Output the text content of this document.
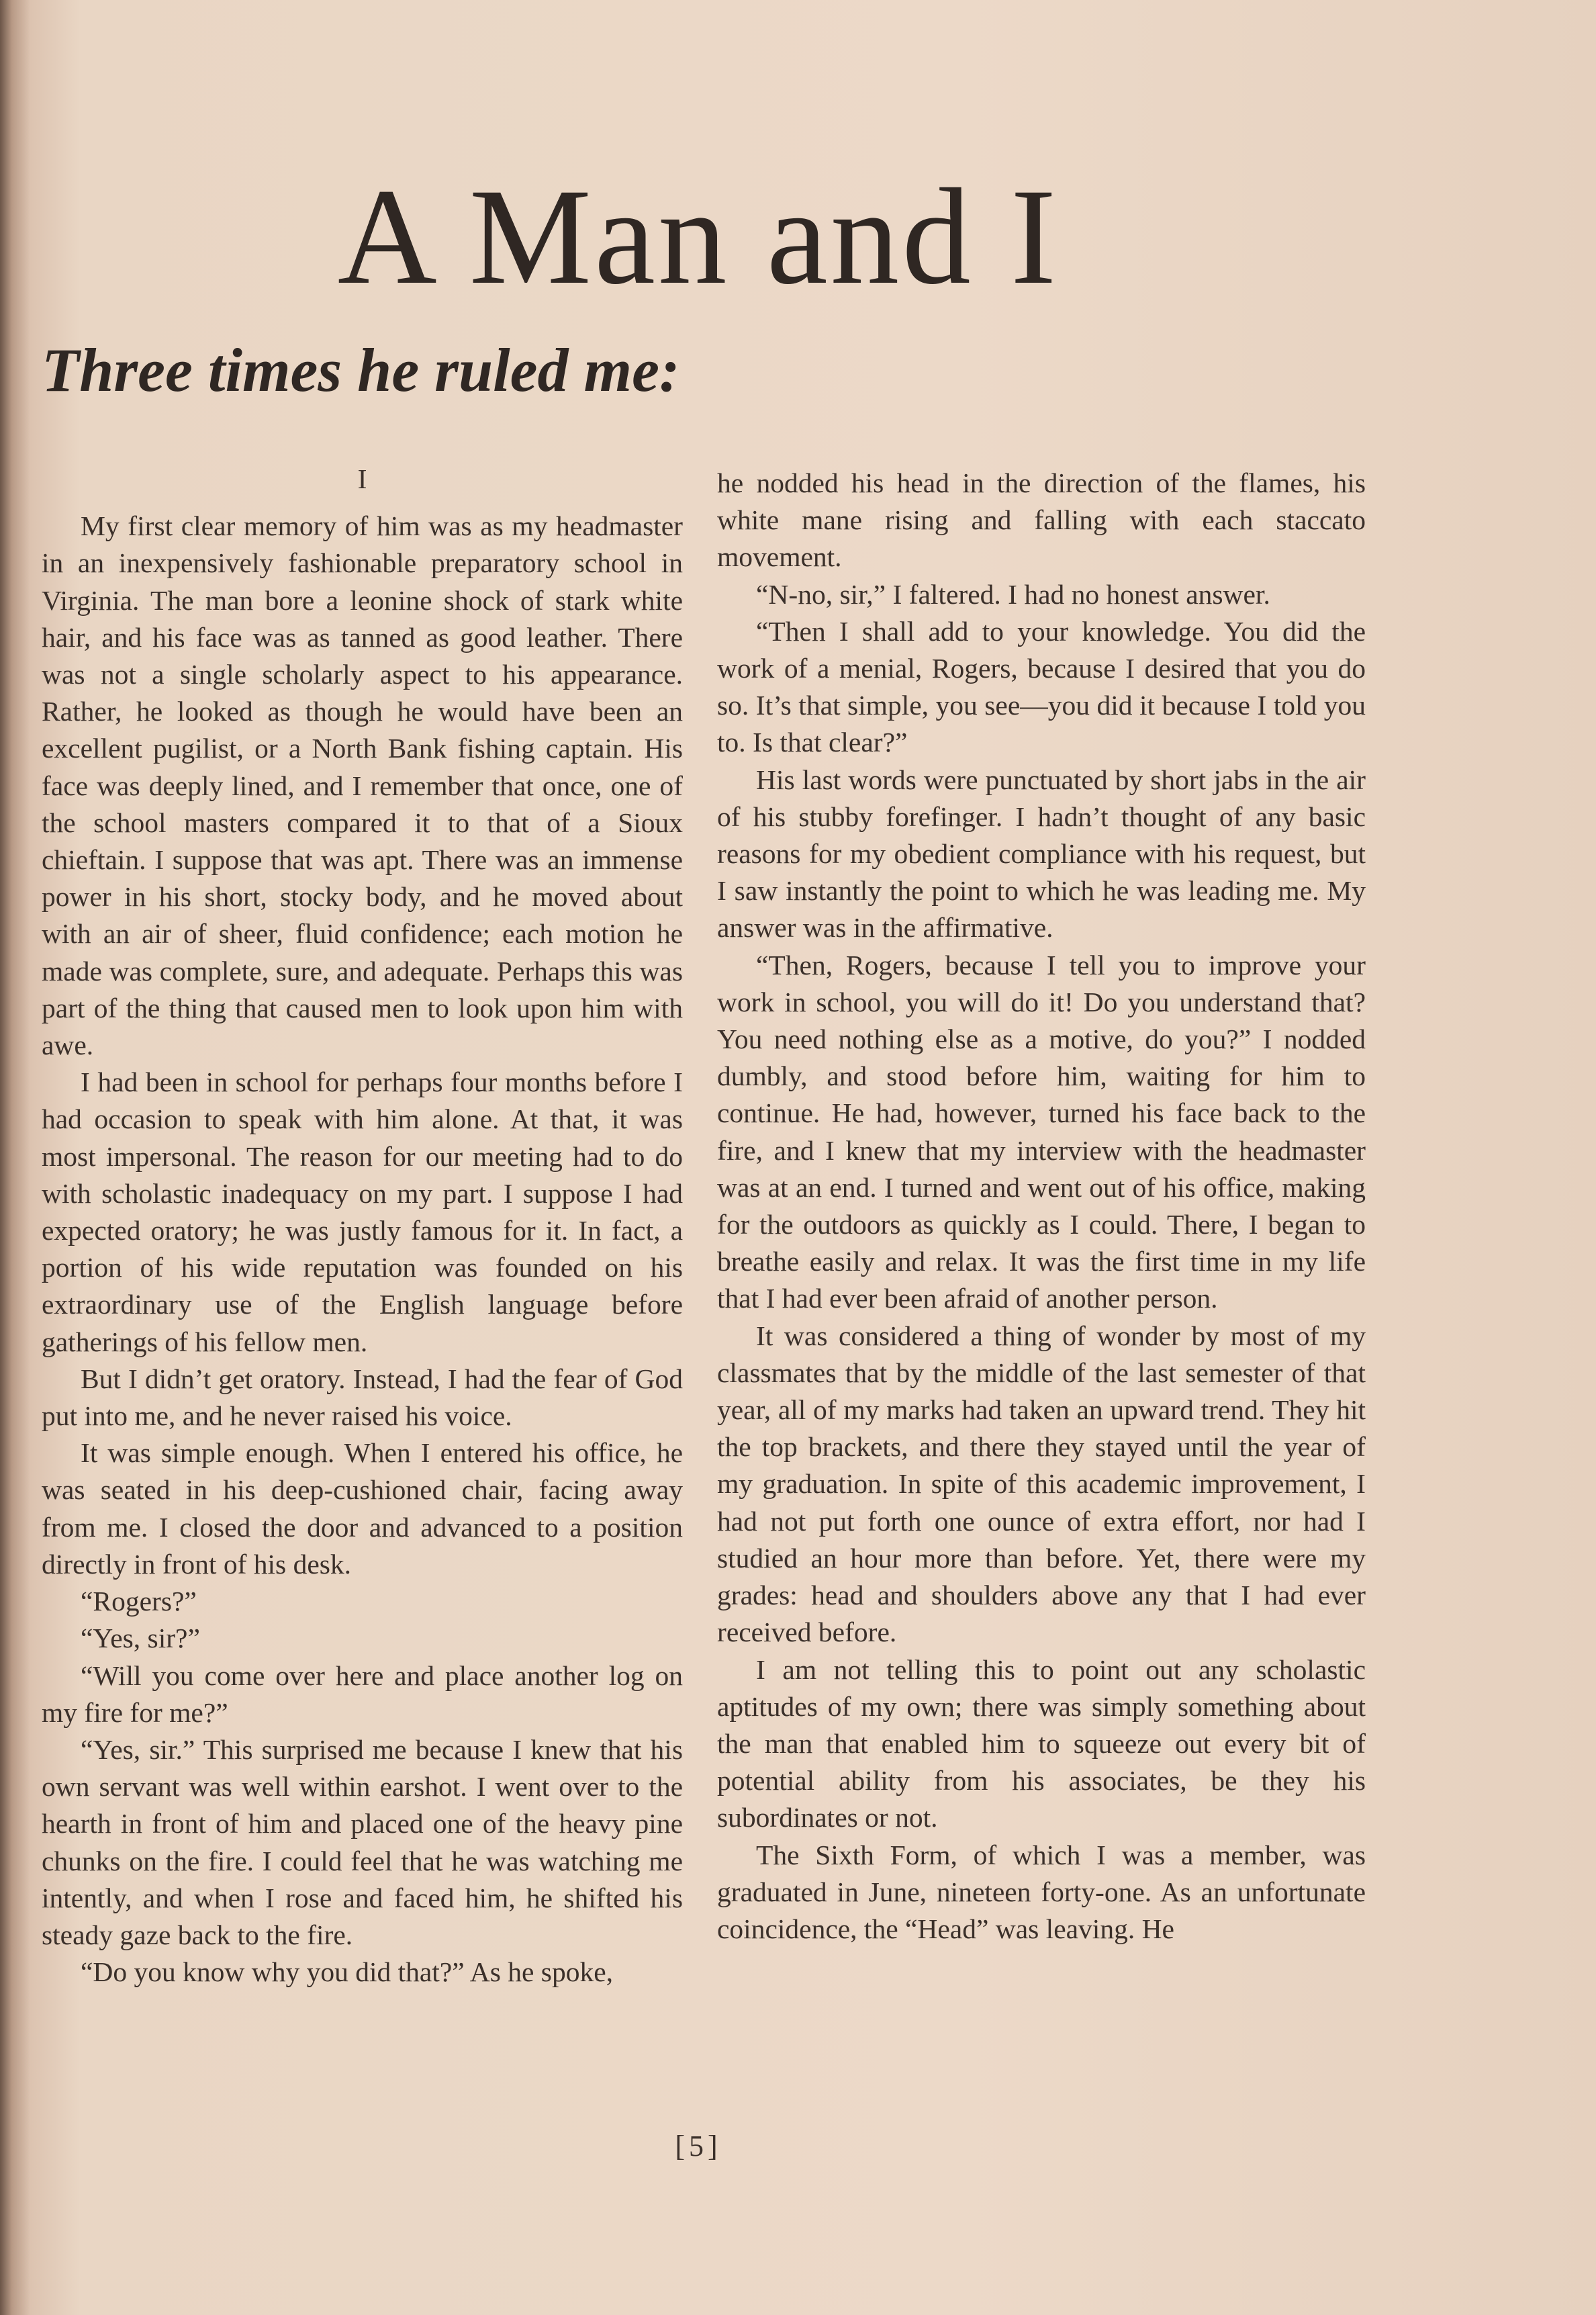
A Man and I
Three times he ruled me:

I

My first clear memory of him was as my headmaster in an inexpensively fashionable preparatory school in Virginia. The man bore a leonine shock of stark white hair, and his face was as tanned as good leather. There was not a single scholarly aspect to his appearance. Rather, he looked as though he would have been an excellent pugilist, or a North Bank fishing captain. His face was deeply lined, and I remember that once, one of the school masters compared it to that of a Sioux chieftain. I suppose that was apt. There was an immense power in his short, stocky body, and he moved about with an air of sheer, fluid confidence; each motion he made was complete, sure, and adequate. Perhaps this was part of the thing that caused men to look upon him with awe.

I had been in school for perhaps four months before I had occasion to speak with him alone. At that, it was most impersonal. The reason for our meeting had to do with scholastic inadequacy on my part. I suppose I had expected oratory; he was justly famous for it. In fact, a portion of his wide reputation was founded on his extraordinary use of the English language before gatherings of his fellow men.

But I didn’t get oratory. Instead, I had the fear of God put into me, and he never raised his voice.

It was simple enough. When I entered his office, he was seated in his deep-cushioned chair, facing away from me. I closed the door and advanced to a position directly in front of his desk.

“Rogers?”

“Yes, sir?”

“Will you come over here and place another log on my fire for me?”

“Yes, sir.” This surprised me because I knew that his own servant was well within earshot. I went over to the hearth in front of him and placed one of the heavy pine chunks on the fire. I could feel that he was watching me intently, and when I rose and faced him, he shifted his steady gaze back to the fire.

“Do you know why you did that?” As he spoke,

he nodded his head in the direction of the flames, his white mane rising and falling with each staccato movement.

“N-no, sir,” I faltered. I had no honest answer.

“Then I shall add to your knowledge. You did the work of a menial, Rogers, because I desired that you do so. It’s that simple, you see—you did it because I told you to. Is that clear?”

His last words were punctuated by short jabs in the air of his stubby forefinger. I hadn’t thought of any basic reasons for my obedient compliance with his request, but I saw instantly the point to which he was leading me. My answer was in the affirmative.

“Then, Rogers, because I tell you to improve your work in school, you will do it! Do you understand that? You need nothing else as a motive, do you?” I nodded dumbly, and stood before him, waiting for him to continue. He had, however, turned his face back to the fire, and I knew that my interview with the headmaster was at an end. I turned and went out of his office, making for the outdoors as quickly as I could. There, I began to breathe easily and relax. It was the first time in my life that I had ever been afraid of another person.

It was considered a thing of wonder by most of my classmates that by the middle of the last semester of that year, all of my marks had taken an upward trend. They hit the top brackets, and there they stayed until the year of my graduation. In spite of this academic improvement, I had not put forth one ounce of extra effort, nor had I studied an hour more than before. Yet, there were my grades: head and shoulders above any that I had ever received before.

I am not telling this to point out any scholastic aptitudes of my own; there was simply something about the man that enabled him to squeeze out every bit of potential ability from his associates, be they his subordinates or not.

The Sixth Form, of which I was a member, was graduated in June, nineteen forty-one. As an unfortunate coincidence, the “Head” was leaving. He

[5]
